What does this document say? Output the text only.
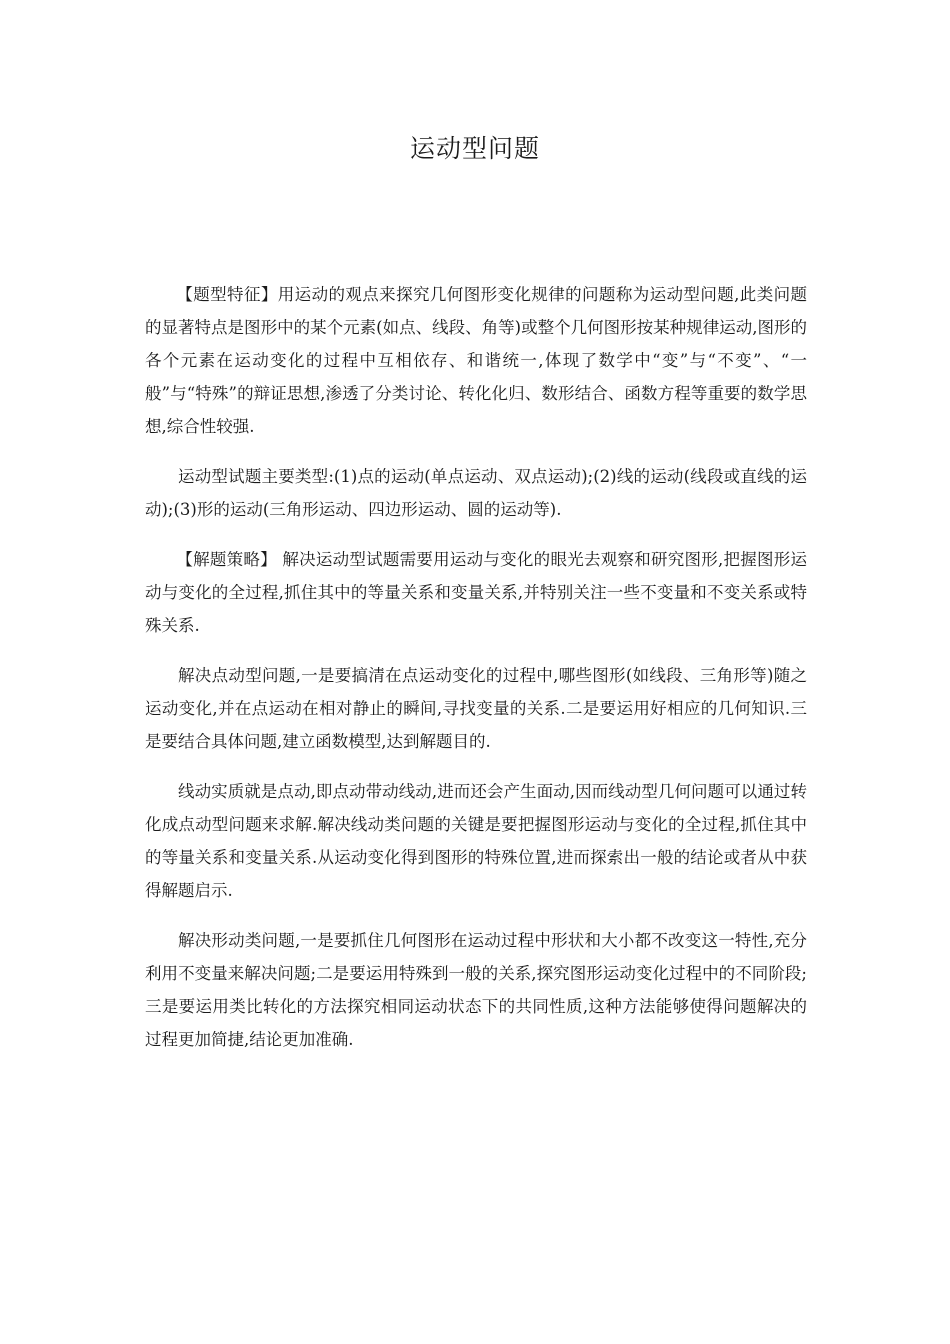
运动型问题

【题型特征】用运动的观点来探究几何图形变化规律的问题称为运动型问题,此类问题的显著特点是图形中的某个元素(如点、线段、角等)或整个几何图形按某种规律运动,图形的各个元素在运动变化的过程中互相依存、和谐统一,体现了数学中“变”与“不变”、“一般”与“特殊”的辩证思想,渗透了分类讨论、转化化归、数形结合、函数方程等重要的数学思想,综合性较强.

运动型试题主要类型:(1)点的运动(单点运动、双点运动);(2)线的运动(线段或直线的运动);(3)形的运动(三角形运动、四边形运动、圆的运动等).

【解题策略】 解决运动型试题需要用运动与变化的眼光去观察和研究图形,把握图形运动与变化的全过程,抓住其中的等量关系和变量关系,并特别关注一些不变量和不变关系或特殊关系.

解决点动型问题,一是要搞清在点运动变化的过程中,哪些图形(如线段、三角形等)随之运动变化,并在点运动在相对静止的瞬间,寻找变量的关系.二是要运用好相应的几何知识.三是要结合具体问题,建立函数模型,达到解题目的.

线动实质就是点动,即点动带动线动,进而还会产生面动,因而线动型几何问题可以通过转化成点动型问题来求解.解决线动类问题的关键是要把握图形运动与变化的全过程,抓住其中的等量关系和变量关系.从运动变化得到图形的特殊位置,进而探索出一般的结论或者从中获得解题启示.

解决形动类问题,一是要抓住几何图形在运动过程中形状和大小都不改变这一特性,充分利用不变量来解决问题;二是要运用特殊到一般的关系,探究图形运动变化过程中的不同阶段;三是要运用类比转化的方法探究相同运动状态下的共同性质,这种方法能够使得问题解决的过程更加简捷,结论更加准确.
